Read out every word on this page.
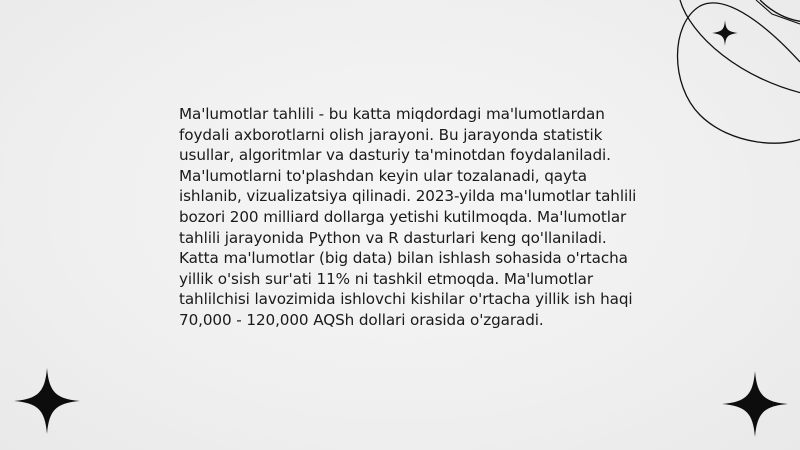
Ma'lumotlar tahlili - bu katta miqdordagi ma'lumotlardan foydali axborotlarni olish jarayoni. Bu jarayonda statistik usullar, algoritmlar va dasturiy ta'minotdan foydalaniladi. Ma'lumotlarni to'plashdan keyin ular tozalanadi, qayta ishlanib, vizualizatsiya qilinadi. 2023-yilda ma'lumotlar tahlili bozori 200 milliard dollarga yetishi kutilmoqda. Ma'lumotlar tahlili jarayonida Python va R dasturlari keng qo'llaniladi. Katta ma'lumotlar (big data) bilan ishlash sohasida o'rtacha yillik o'sish sur'ati 11% ni tashkil etmoqda. Ma'lumotlar tahlilchisi lavozimida ishlovchi kishilar o'rtacha yillik ish haqi 70,000 - 120,000 AQSh dollari orasida o'zgaradi.
